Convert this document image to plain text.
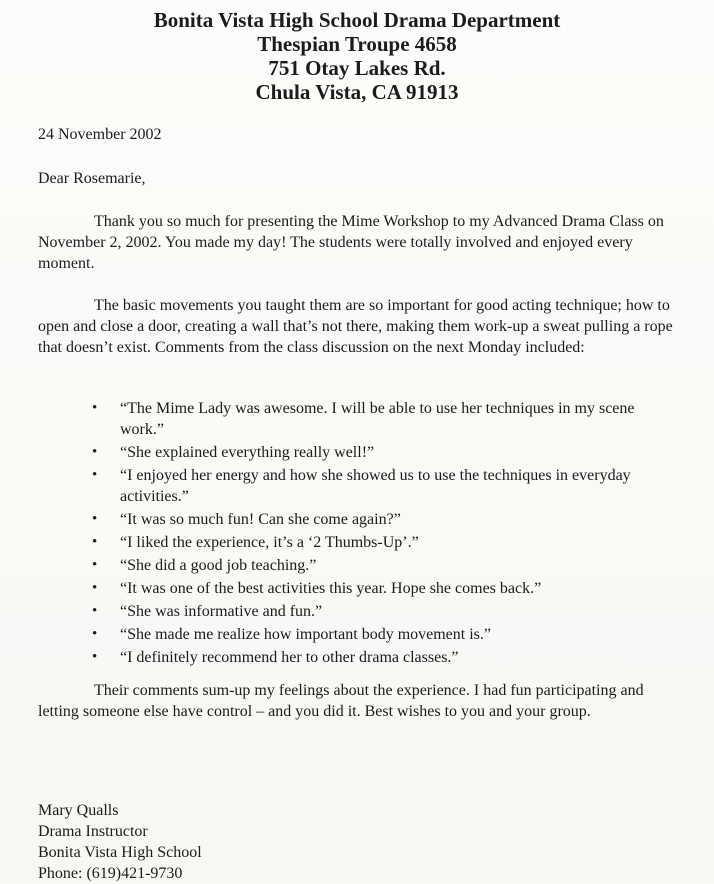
Bonita Vista High School Drama Department
Thespian Troupe 4658
751 Otay Lakes Rd.
Chula Vista, CA 91913
24 November 2002
Dear Rosemarie,
Thank you so much for presenting the Mime Workshop to my Advanced Drama Class on November 2, 2002. You made my day! The students were totally involved and enjoyed every moment.
The basic movements you taught them are so important for good acting technique; how to open and close a door, creating a wall that’s not there, making them work-up a sweat pulling a rope that doesn’t exist. Comments from the class discussion on the next Monday included:
• “The Mime Lady was awesome. I will be able to use her techniques in my scene work.”
• “She explained everything really well!”
• “I enjoyed her energy and how she showed us to use the techniques in everyday activities.”
• “It was so much fun! Can she come again?”
• “I liked the experience, it’s a ‘2 Thumbs-Up’.”
• “She did a good job teaching.”
• “It was one of the best activities this year. Hope she comes back.”
• “She was informative and fun.”
• “She made me realize how important body movement is.”
• “I definitely recommend her to other drama classes.”
Their comments sum-up my feelings about the experience. I had fun participating and letting someone else have control – and you did it. Best wishes to you and your group.
Mary Qualls
Drama Instructor
Bonita Vista High School
Phone: (619)421-9730
